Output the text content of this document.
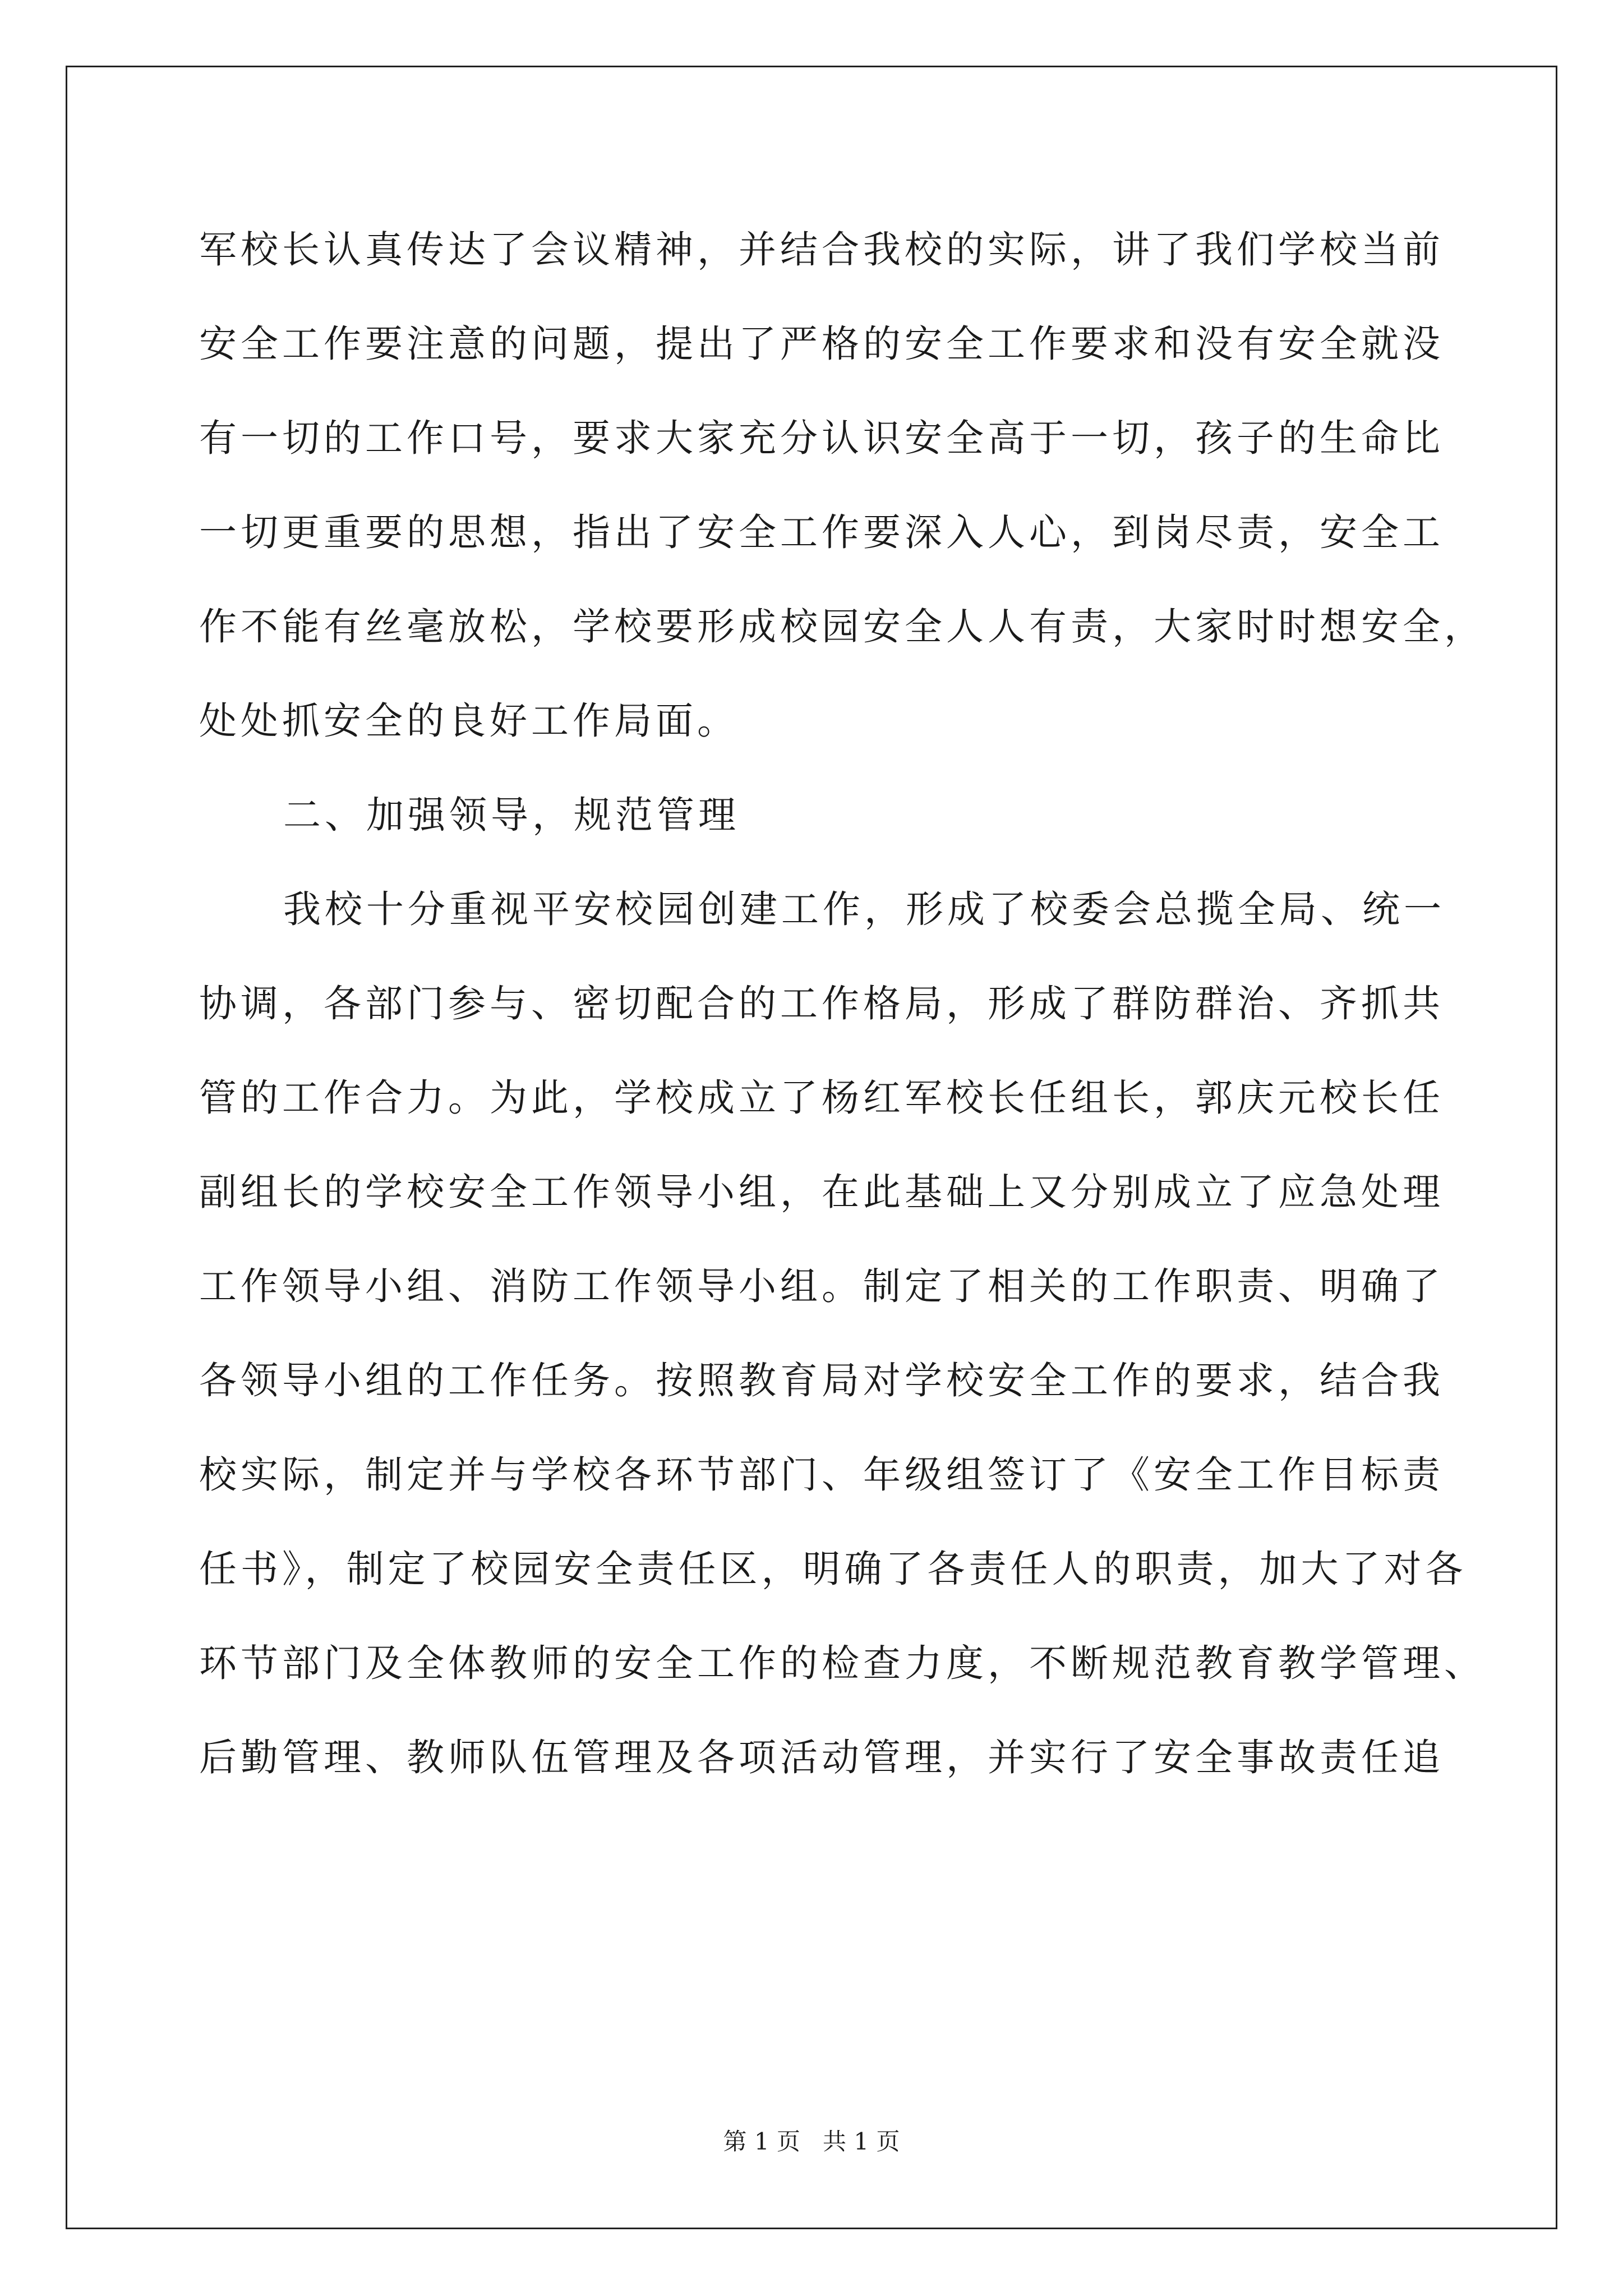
军校长认真传达了会议精神，并结合我校的实际，讲了我们学校当前
安全工作要注意的问题，提出了严格的安全工作要求和没有安全就没
有一切的工作口号，要求大家充分认识安全高于一切，孩子的生命比
一切更重要的思想，指出了安全工作要深入人心，到岗尽责，安全工
作不能有丝毫放松，学校要形成校园安全人人有责，大家时时想安全，
处处抓安全的良好工作局面。
二、加强领导，规范管理
我校十分重视平安校园创建工作，形成了校委会总揽全局、统一
协调，各部门参与、密切配合的工作格局，形成了群防群治、齐抓共
管的工作合力。为此，学校成立了杨红军校长任组长，郭庆元校长任
副组长的学校安全工作领导小组，在此基础上又分别成立了应急处理
工作领导小组、消防工作领导小组。制定了相关的工作职责、明确了
各领导小组的工作任务。按照教育局对学校安全工作的要求，结合我
校实际，制定并与学校各环节部门、年级组签订了《安全工作目标责
任书》，制定了校园安全责任区，明确了各责任人的职责，加大了对各
环节部门及全体教师的安全工作的检查力度，不断规范教育教学管理、
后勤管理、教师队伍管理及各项活动管理，并实行了安全事故责任追
第 1 页   共 1 页
